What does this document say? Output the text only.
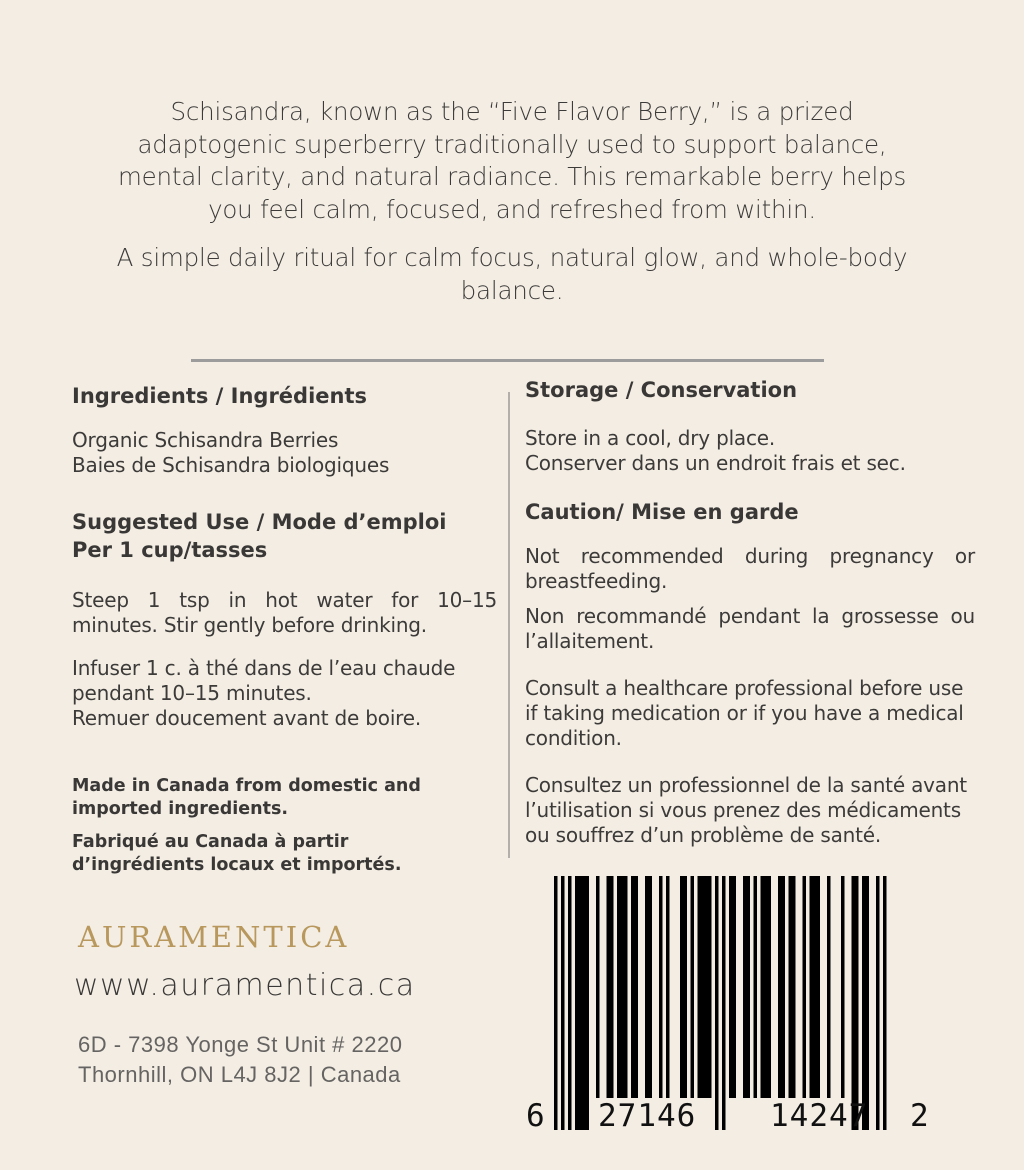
Schisandra, known as the “Five Flavor Berry,” is a prized adaptogenic superberry traditionally used to support balance, mental clarity, and natural radiance. This remarkable berry helps you feel calm, focused, and refreshed from within.

A simple daily ritual for calm focus, natural glow, and whole-body balance.

Ingredients / Ingrédients

Organic Schisandra Berries

Baies de Schisandra biologiques

Suggested Use / Mode d’emploi

Per 1 cup/tasses

Steep 1 tsp in hot water for 10–15 minutes. Stir gently before drinking.

Infuser 1 c. à thé dans de l’eau chaude pendant 10–15 minutes.

Remuer doucement avant de boire.

Made in Canada from domestic and imported ingredients.

Fabriqué au Canada à partir d’ingrédients locaux et importés.

Storage / Conservation

Store in a cool, dry place.

Conserver dans un endroit frais et sec.

Caution/ Mise en garde

Not recommended during pregnancy or breastfeeding.

Non recommandé pendant la grossesse ou l’allaitement.

Consult a healthcare professional before use if taking medication or if you have a medical condition.

Consultez un professionnel de la santé avant l’utilisation si vous prenez des médicaments ou souffrez d’un problème de santé.

AURAMENTICA
www.auramentica.ca
6D - 7398 Yonge St Unit # 2220
Thornhill, ON L4J 8J2 | Canada
6 27146 14247 2
